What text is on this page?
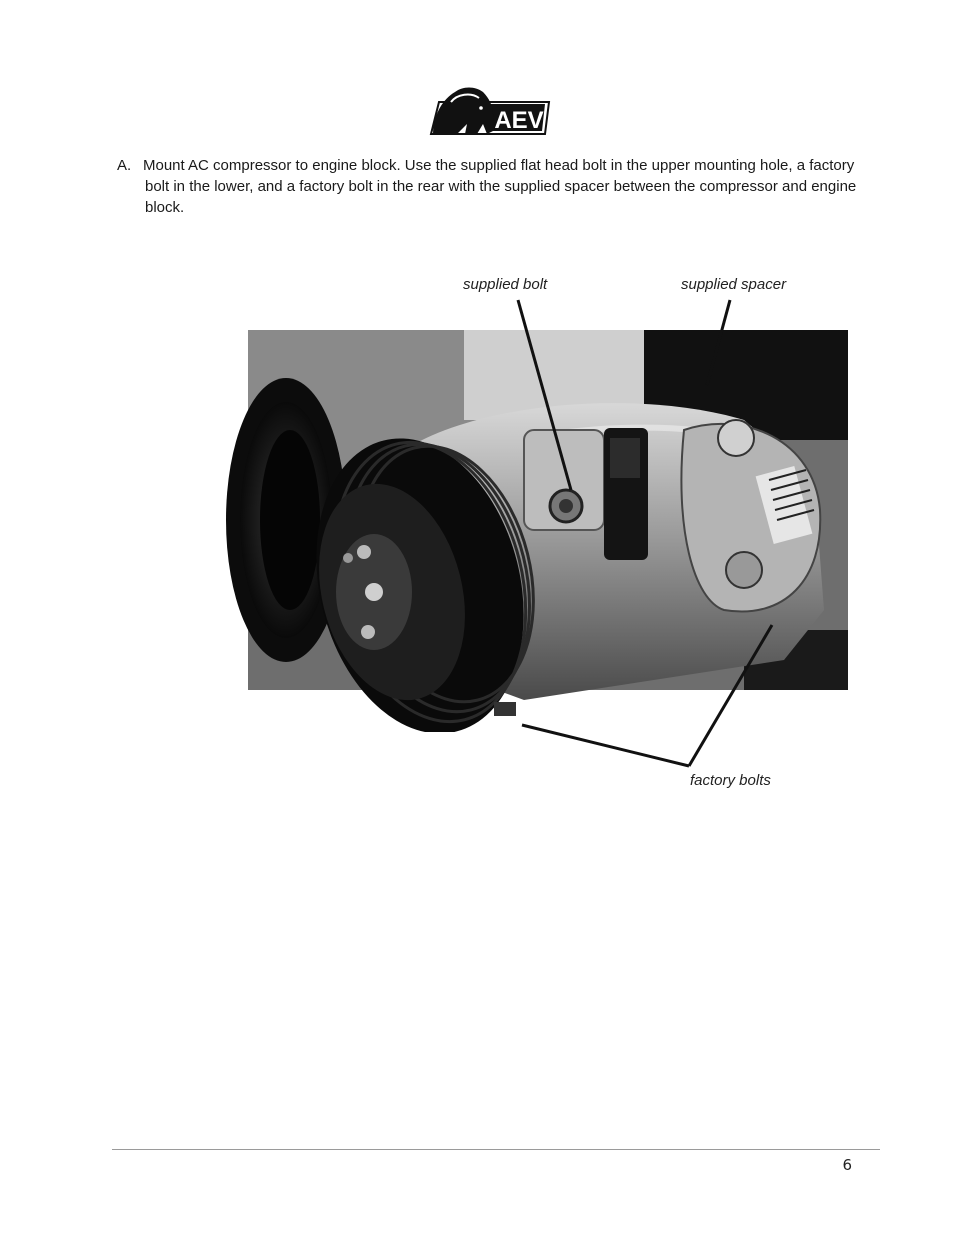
AEV
A. Mount AC compressor to engine block. Use the supplied flat head bolt in the upper mounting hole, a factory bolt in the lower, and a factory bolt in the rear with the supplied spacer between the compressor and engine block.
supplied bolt	supplied spacer
factory bolts
6
